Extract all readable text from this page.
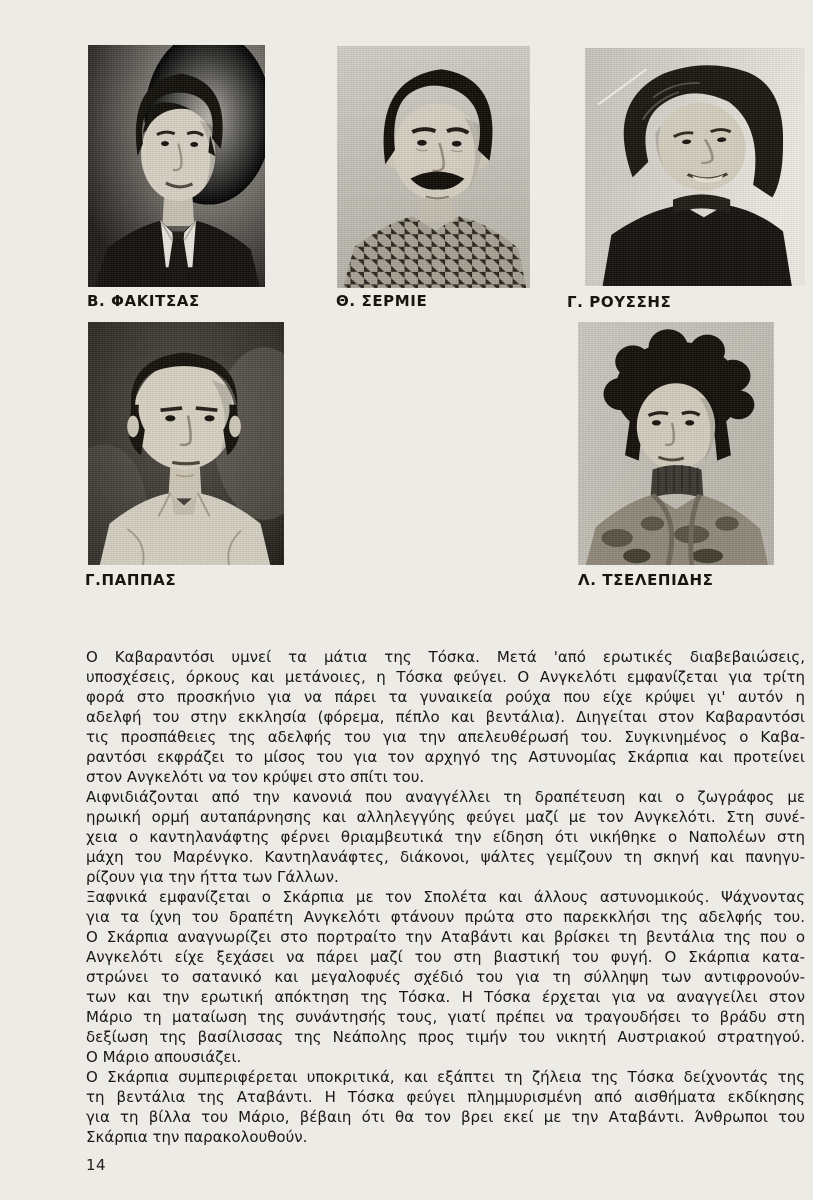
Β. ΦΑΚΙΤΣΑΣ	Θ. ΣΕΡΜΙΕ	Γ. ΡΟΥΣΣΗΣ
Γ.ΠΑΠΠΑΣ	Λ. ΤΣΕΛΕΠΙΔΗΣ
Ο Καβαραντόσι υμνεί τα μάτια της Τόσκα. Μετά 'από ερωτικές διαβεβαιώσεις,
υποσχέσεις, όρκους και μετάνοιες, η Τόσκα φεύγει. Ο Ανγκελότι εμφανίζεται για τρίτη
φορά στο προσκήνιο για να πάρει τα γυναικεία ρούχα που είχε κρύψει γι' αυτόν η
αδελφή του στην εκκλησία (φόρεμα, πέπλο και βεντάλια). Διηγείται στον Καβαραντόσι
τις προσπάθειες της αδελφής του για την απελευθέρωσή του. Συγκινημένος ο Καβα-
ραντόσι εκφράζει το μίσος του για τον αρχηγό της Αστυνομίας Σκάρπια και προτείνει
στον Ανγκελότι να τον κρύψει στο σπίτι του.
Αιφνιδιάζονται από την κανονιά που αναγγέλλει τη δραπέτευση και ο ζωγράφος με
ηρωική ορμή αυταπάρνησης και αλληλεγγύης φεύγει μαζί με τον Ανγκελότι. Στη συνέ-
χεια ο καντηλανάφτης φέρνει θριαμβευτικά την είδηση ότι νικήθηκε ο Ναπολέων στη
μάχη του Μαρένγκο. Καντηλανάφτες, διάκονοι, ψάλτες γεμίζουν τη σκηνή και πανηγυ-
ρίζουν για την ήττα των Γάλλων.
Ξαφνικά εμφανίζεται ο Σκάρπια με τον Σπολέτα και άλλους αστυνομικούς. Ψάχνοντας
για τα ίχνη του δραπέτη Ανγκελότι φτάνουν πρώτα στο παρεκκλήσι της αδελφής του.
Ο Σκάρπια αναγνωρίζει στο πορτραίτο την Αταβάντι και βρίσκει τη βεντάλια της που ο
Ανγκελότι είχε ξεχάσει να πάρει μαζί του στη βιαστική του φυγή. Ο Σκάρπια κατα-
στρώνει το σατανικό και μεγαλοφυές σχέδιό του για τη σύλληψη των αντιφρονούν-
των και την ερωτική απόκτηση της Τόσκα. Η Τόσκα έρχεται για να αναγγείλει στον
Μάριο τη ματαίωση της συνάντησής τους, γιατί πρέπει να τραγουδήσει το βράδυ στη
δεξίωση της βασίλισσας της Νεάπολης προς τιμήν του νικητή Αυστριακού στρατηγού.
Ο Μάριο απουσιάζει.
Ο Σκάρπια συμπεριφέρεται υποκριτικά, και εξάπτει τη ζήλεια της Τόσκα δείχνοντάς της
τη βεντάλια της Αταβάντι. Η Τόσκα φεύγει πλημμυρισμένη από αισθήματα εκδίκησης
για τη βίλλα του Μάριο, βέβαιη ότι θα τον βρει εκεί με την Αταβάντι. Άνθρωποι του
Σκάρπια την παρακολουθούν.
14
